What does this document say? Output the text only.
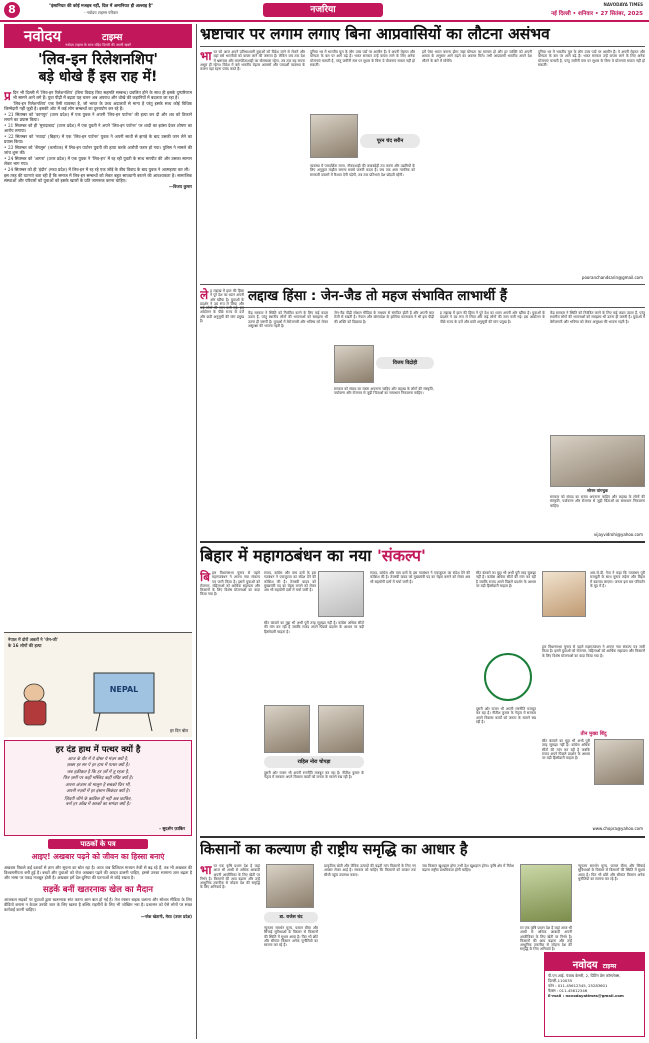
8	"इंसानियत की कोई मजहब नहीं, दिल में अमानियत ही अल्लाह है"
- नवोदय टाइम्स परिवार	नजरिया
NAVODAYA TIMES
नई दिल्ली • शनिवार • 27 सितंबर, 2025
नवोदय	टाइम्स
नवोदय टाइम्स के साथ पढ़िए दिल्ली की अपनी खबरें
'लिव-इन रिलेशनशिप'
बड़े धोखे हैं इस राह में!
प्र दिन भी दिल्ली में 'लिव-इन रिलेशनशिप' (बिना विवाह किए सहमति सम्बन्ध) प्रचलित होने के साथ ही इसके दुष्परिणाम भी सामने आने लगे हैं। युवा पीढ़ी में बढ़ता यह चलन अब अपराध और धोखे की कहानियों में बदलता जा रहा है।

'लिव-इन रिलेशनशिप' एक ऐसी व्यवस्था है, जो भारत के उच्च अदालतों से मान्य है परंतु इसके साथ कोई विधिक जिम्मेदारी नहीं जुड़ी है। इसकी ओट में कई लोग सम्बन्धों का दुरुपयोग कर रहे हैं।

• 21 सितम्बर को 'कानपुर' (उत्तर प्रदेश) में एक युवक ने अपनी 'लिव-इन पार्टनर' की हत्या कर दी और शव को ठिकाने लगाने का प्रयास किया।

• 21 सितम्बर को ही 'मुरादाबाद' (उत्तर प्रदेश) में एक युवती ने अपने 'लिव-इन पार्टनर' पर शादी का झांसा देकर शोषण का आरोप लगाया।

• 22 सितम्बर को 'नवादा' (बिहार) में एक 'लिव-इन पार्टनर' युवक ने अपनी साथी से झगड़े के बाद उसकी जान लेने का प्रयास किया।

• 23 सितम्बर को 'बेंगलुरु' (कर्नाटक) में लिव-इन पार्टनर युवती की हत्या करके आरोपी फरार हो गया। पुलिस ने मामले की जांच शुरू की।

• 24 सितम्बर को 'आगरा' (उत्तर प्रदेश) में एक युवक ने 'लिव-इन' में रह रही युवती के साथ मारपीट की और उसका सामान लेकर भाग गया।

• 24 सितम्बर को ही 'इंदौर' (मध्य प्रदेश) में लिव-इन में रह रहे एक जोड़े के बीच विवाद के बाद युवक ने आत्महत्या कर ली।

इस तरह की घटनाएं बता रही हैं कि समाज में लिव-इन सम्बन्धों को लेकर बहुत सावधानी बरतने की आवश्यकता है। सामाजिक संस्थाओं और परिवारों को युवाओं को इसके खतरों के प्रति जागरूक करना चाहिए।

—विजय कुमार

नेपाल में दोरों अकरों ने 'जेन-जी' के 16 लोगों की हत्या
NEPAL
हर दिन बोल
हर दंड हाथ में पत्थर क्यों है
आज के दौर में ये दोस्त ये मंज़र क्यों है,
ज़ख्म हर सर पे हर हाथ में पत्थर क्यों है।
जब हक़ीक़त है कि हर ज़र्रे में तू रहता है,
फिर ज़मीं पर कहीं मस्जिद कहीं मंदिर क्यों है।
अपना अंजाम तो मालूम है सबको फिर भी,
अपनी नज़रों में हर इंसान सिकंदर क्यों है।
ज़िंदगी जीने के क़ाबिल ही नहीं अब फ़ाकिर,
वर्ना हर आँख में अश्कों का समंदर क्यों है।
- सुदर्शन फ़ाकिर
पाठकों के पत्र
आइए! अखबार पढ़ने को जीवन का हिस्सा बनाएं
अखबार पिछले कई दशकों से ज्ञान और सूचना का स्रोत रहा है। आज जब डिजिटल माध्यम तेजी से बढ़ रहे हैं, तब भी अखबार की विश्वसनीयता बनी हुई है। बच्चों और युवाओं को रोज अखबार पढ़ने की आदत डालनी चाहिए, इससे उनका सामान्य ज्ञान बढ़ता है और भाषा पर पकड़ मजबूत होती है। अखबार हमें देश-दुनिया की घटनाओं से जोड़े रखता है।
सड़कें बनीं खतरनाक खेल का मैदान
आजकल सड़कों पर युवाओं द्वारा खतरनाक स्टंट करना आम बात हो गई है। तेज रफ्तार बाइक चलाना और सोशल मीडिया के लिए वीडियो बनाना न केवल उनकी जान के लिए खतरा है बल्कि राहगीरों के लिए भी जोखिम भरा है। प्रशासन को ऐसे लोगों पर सख्त कार्रवाई करनी चाहिए।
—नरेश खेतानी, मेरठ (उत्तर प्रदेश)
भ्रष्टाचार पर लगाम लगाए बिना आप्रवासियों का लौटना असंभव
भा रत को आज अपने प्रतिभाशाली युवाओं को विदेश जाने से रोकने और वहां बसे भारतीयों को वापस लाने की जरूरत है। लेकिन जब तक देश में भ्रष्टाचार और लालफीताशाही का बोलबाला रहेगा, तब तक यह सपना अधूरा ही रहेगा। विदेश में बसे भारतीय बेहतर अवसरों और पारदर्शी व्यवस्था के कारण वहां रहना पसंद करते हैं।
दुनिया भर में भारतीय मूल के लोग उच्च पदों पर आसीन हैं। वे अपनी मेहनत और योग्यता के बल पर आगे बढ़े हैं। भारत सरकार उन्हें वापस लाने के लिए अनेक योजनाएं चलाती है, परंतु जमीनी स्तर पर सुधार के बिना ये योजनाएं सफल नहीं हो सकतीं।
पूरन चंद सरीन
व्यवस्था में पारदर्शिता लाना, नौकरशाही की जवाबदेही तय करना और उद्यमियों के लिए अनुकूल माहौल बनाना सबसे जरूरी कदम हैं। जब तक आम नागरिक को सरकारी दफ्तरों में रिश्वत देनी पड़ेगी, तब तक प्रतिभाएं देश छोड़ती रहेंगी।
हमें ऐसा भारत बनाना होगा जहां योग्यता का सम्मान हो और हर व्यक्ति को अपनी क्षमता के अनुसार आगे बढ़ने का अवसर मिले। तभी आप्रवासी भारतीय अपने देश लौटने के बारे में सोचेंगे।
दुनिया भर में भारतीय मूल के लोग उच्च पदों पर आसीन हैं। वे अपनी मेहनत और योग्यता के बल पर आगे बढ़े हैं। भारत सरकार उन्हें वापस लाने के लिए अनेक योजनाएं चलाती है, परंतु जमीनी स्तर पर सुधार के बिना ये योजनाएं सफल नहीं हो सकतीं।
pooranchandsarin@gmail.com
लद्दाख हिंसा : जेन-जैड तो महज संभावित लाभार्थी हैं
ले ह लद्दाख में हाल की हिंसा ने पूरे देश का ध्यान अपनी ओर खींचा है। युवाओं के प्रदर्शन ने उग्र रूप ले लिया और कई लोगों की जान चली गई। इस आंदोलन के पीछे राज्य के दर्जे और छठी अनुसूची की मांग प्रमुख है।
केंद्र सरकार ने स्थिति को नियंत्रित करने के लिए कई कदम उठाए हैं, परंतु स्थानीय लोगों की भावनाओं को समझना भी उतना ही जरूरी है। युवाओं में बेरोजगारी और भविष्य को लेकर असुरक्षा की भावना गहरी है।
जेन-जैड पीढ़ी सोशल मीडिया के माध्यम से संगठित होती है और अपनी बात तेजी से रखती है। नेपाल और बांग्लादेश के हालिया घटनाक्रम ने भी इस पीढ़ी की शक्ति को दिखाया है।
विजय विद्रोही
सरकार को संवाद का रास्ता अपनाना चाहिए और लद्दाख के लोगों की संस्कृति, पर्यावरण और रोजगार से जुड़ी चिंताओं का समाधान निकालना चाहिए।
ह लद्दाख में हाल की हिंसा ने पूरे देश का ध्यान अपनी ओर खींचा है। युवाओं के प्रदर्शन ने उग्र रूप ले लिया और कई लोगों की जान चली गई। इस आंदोलन के पीछे राज्य के दर्जे और छठी अनुसूची की मांग प्रमुख है।
केंद्र सरकार ने स्थिति को नियंत्रित करने के लिए कई कदम उठाए हैं, परंतु स्थानीय लोगों की भावनाओं को समझना भी उतना ही जरूरी है। युवाओं में बेरोजगारी और भविष्य को लेकर असुरक्षा की भावना गहरी है।
सोनम वांगचुक
सरकार को संवाद का रास्ता अपनाना चाहिए और लद्दाख के लोगों की संस्कृति, पर्यावरण और रोजगार से जुड़ी चिंताओं का समाधान निकालना चाहिए।
vijayvidrohi@yahoo.com
बिहार में महागठबंधन का नया 'संकल्प'
बि हार विधानसभा चुनाव से पहले महागठबंधन ने अपना नया संकल्प पत्र जारी किया है। इसमें युवाओं को रोजगार, महिलाओं को आर्थिक सहायता और किसानों के लिए विशेष योजनाओं का वादा किया गया है।
राजद, कांग्रेस और वाम दलों के इस गठबंधन ने एकजुटता का संदेश देने की कोशिश की है। तेजस्वी यादव को मुख्यमंत्री पद का चेहरा बनाने को लेकर अब भी सहयोगी दलों में चर्चा जारी है।
सीट बंटवारे का मुद्दा भी अभी पूरी तरह सुलझा नहीं है। कांग्रेस अधिक सीटों की मांग कर रही है जबकि राजद अपने पिछले प्रदर्शन के आधार पर बड़ी हिस्सेदारी चाहता है।
राहिल नोरा चोपड़ा
दूसरी ओर राजग भी अपनी रणनीति मजबूत कर रहा है। नीतीश कुमार के नेतृत्व में सरकार अपने विकास कार्यों को जनता के सामने रख रही है।
राजद, कांग्रेस और वाम दलों के इस गठबंधन ने एकजुटता का संदेश देने की कोशिश की है। तेजस्वी यादव को मुख्यमंत्री पद का चेहरा बनाने को लेकर अब भी सहयोगी दलों में चर्चा जारी है।
सीट बंटवारे का मुद्दा भी अभी पूरी तरह सुलझा नहीं है। कांग्रेस अधिक सीटों की मांग कर रही है जबकि राजद अपने पिछले प्रदर्शन के आधार पर बड़ी हिस्सेदारी चाहता है।
दूसरी ओर राजग भी अपनी रणनीति मजबूत कर रहा है। नीतीश कुमार के नेतृत्व में सरकार अपने विकास कार्यों को जनता के सामने रख रही है।
आर.जे.डी. नेता ने कहा कि गठबंधन पूरी मजबूती के साथ चुनाव लड़ेगा और बिहार में बदलाव लाएगा। जनता इस बार परिवर्तन के मूड में है।
हार विधानसभा चुनाव से पहले महागठबंधन ने अपना नया संकल्प पत्र जारी किया है। इसमें युवाओं को रोजगार, महिलाओं को आर्थिक सहायता और किसानों के लिए विशेष योजनाओं का वादा किया गया है।
तीन मुख्य बिंदु
सीट बंटवारे का मुद्दा भी अभी पूरी तरह सुलझा नहीं है। कांग्रेस अधिक सीटों की मांग कर रही है जबकि राजद अपने पिछले प्रदर्शन के आधार पर बड़ी हिस्सेदारी चाहता है।
www.chopra@yahoo.com
किसानों का कल्याण ही राष्ट्रीय समृद्धि का आधार है
भा रत एक कृषि प्रधान देश है जहां आज भी आधी से अधिक आबादी अपनी आजीविका के लिए खेती पर निर्भर है। किसानों की आय बढ़ाना और उन्हें आधुनिक तकनीक से जोड़ना देश की समृद्धि के लिए अनिवार्य है।
डा. राजेश चंद
न्यूनतम समर्थन मूल्य, फसल बीमा और सिंचाई सुविधाओं के विस्तार से किसानों की स्थिति में सुधार आया है। फिर भी छोटे और सीमांत किसान अनेक चुनौतियों का सामना कर रहे हैं।
प्राकृतिक खेती और जैविक उत्पादों की बढ़ती मांग किसानों के लिए नए अवसर लेकर आई है। सरकार को चाहिए कि किसानों को बाजार तक सीधी पहुंच उपलब्ध कराए।
जब किसान खुशहाल होगा तभी देश खुशहाल होगा। कृषि क्षेत्र में निवेश बढ़ाना राष्ट्रीय प्राथमिकता होनी चाहिए।
रत एक कृषि प्रधान देश है जहां आज भी आधी से अधिक आबादी अपनी आजीविका के लिए खेती पर निर्भर है। किसानों की आय बढ़ाना और उन्हें आधुनिक तकनीक से जोड़ना देश की समृद्धि के लिए अनिवार्य है।
न्यूनतम समर्थन मूल्य, फसल बीमा और सिंचाई सुविधाओं के विस्तार से किसानों की स्थिति में सुधार आया है। फिर भी छोटे और सीमांत किसान अनेक चुनौतियों का सामना कर रहे हैं।
नवोदय टाइम्स
पी.एन.आई. पंजाब केसरी, 2, प्रिंटिंग प्रेस कॉम्प्लेक्स, दिल्ली-110035
फोन : 011-45612345, 25283601
फैक्स : 011-45612346
E-mail : navodayatimes@gmail.com
